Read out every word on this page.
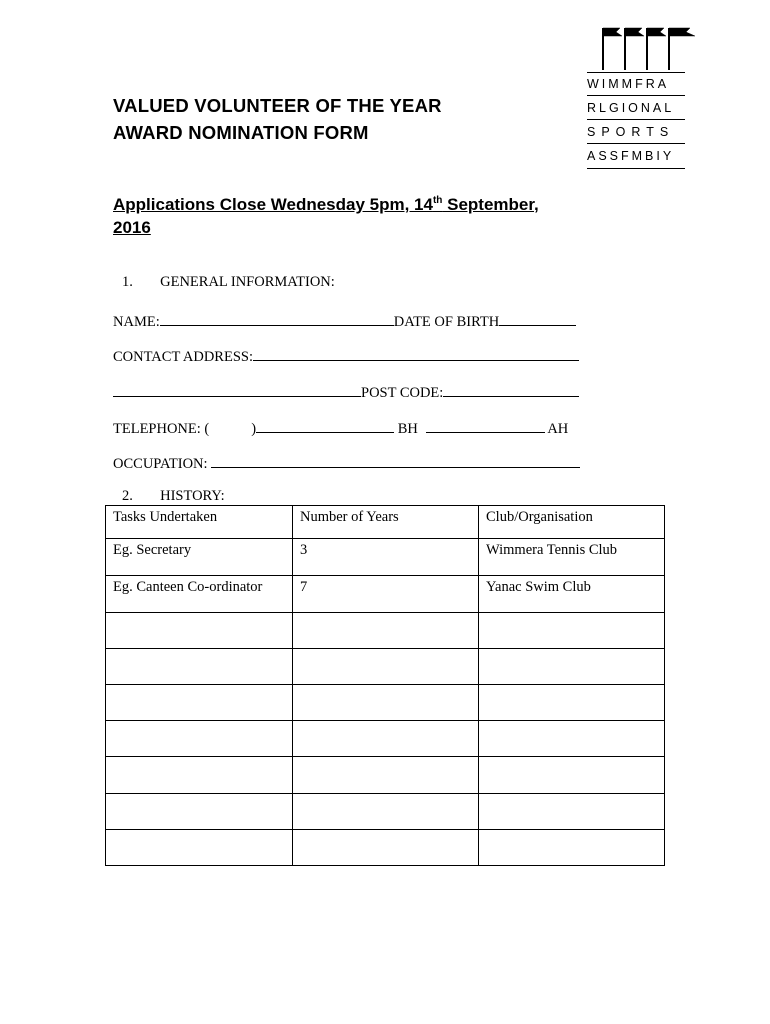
VALUED VOLUNTEER OF THE YEAR
AWARD NOMINATION FORM
WIMMFRA
RLGIONAL
SPORTS
ASSFMBIY
Applications Close Wednesday 5pm, 14th September,
2016
1. GENERAL INFORMATION:
NAME:	DATE OF BIRTH
CONTACT ADDRESS:
POST CODE:
TELEPHONE: (	)	BH	AH
OCCUPATION:
2. HISTORY:
Tasks Undertaken	Number of Years	Club/Organisation
Eg. Secretary	3	Wimmera Tennis Club
Eg. Canteen Co-ordinator	7	Yanac Swim Club
